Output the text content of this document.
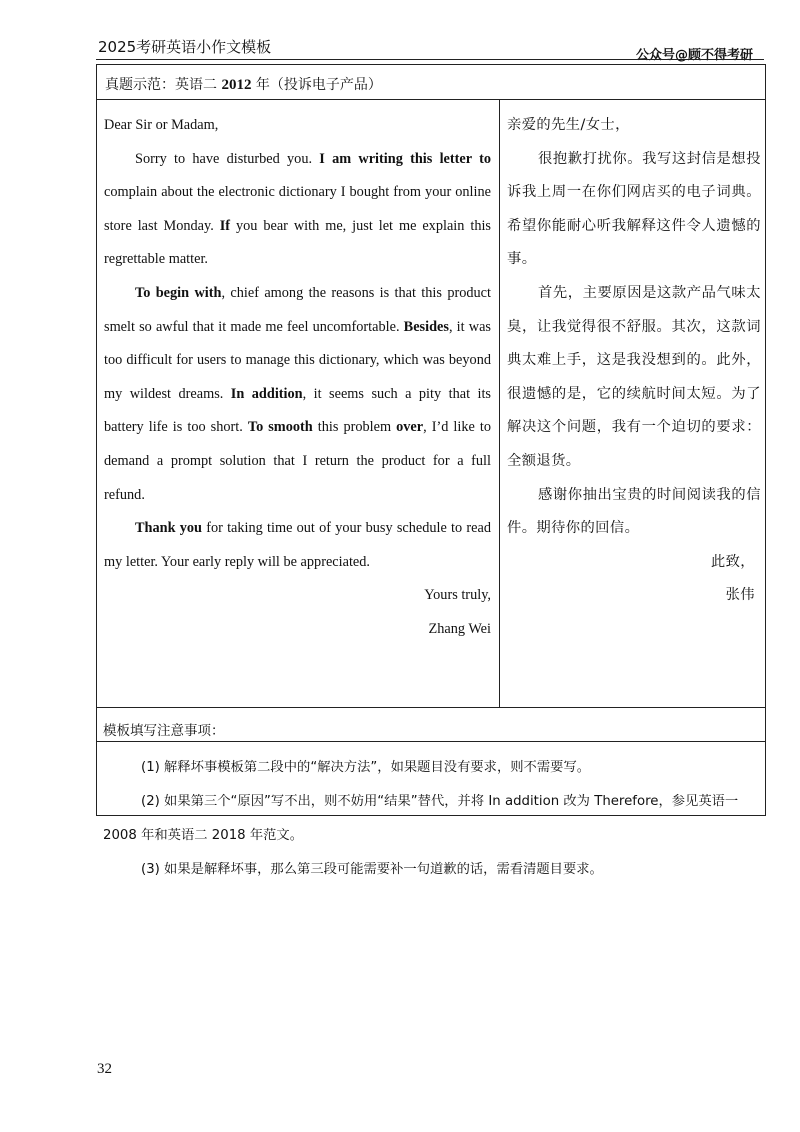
2025考研英语小作文模板	公众号@顾不得考研
真题示范：英语二 2012 年（投诉电子产品）

Dear Sir or Madam,

Sorry to have disturbed you. I am writing this letter to complain about the electronic dictionary I bought from your online store last Monday. If you bear with me, just let me explain this regrettable matter.

To begin with, chief among the reasons is that this product smelt so awful that it made me feel uncomfortable. Besides, it was too difficult for users to manage this dictionary, which was beyond my wildest dreams. In addition, it seems such a pity that its battery life is too short. To smooth this problem over, I’d like to demand a prompt solution that I return the product for a full refund.

Thank you for taking time out of your busy schedule to read my letter. Your early reply will be appreciated.

Yours truly,

Zhang Wei

亲爱的先生/女士，

很抱歉打扰你。我写这封信是想投诉我上周一在你们网店买的电子词典。希望你能耐心听我解释这件令人遗憾的事。

首先，主要原因是这款产品气味太臭，让我觉得很不舒服。其次，这款词典太难上手，这是我没想到的。此外，很遗憾的是，它的续航时间太短。为了解决这个问题，我有一个迫切的要求：全额退货。

感谢你抽出宝贵的时间阅读我的信件。期待你的回信。

此致，

张伟

模板填写注意事项：

(1) 解释坏事模板第二段中的“解决方法”，如果题目没有要求，则不需要写。

(2) 如果第三个“原因”写不出，则不妨用“结果”替代，并将 In addition 改为 Therefore，参见英语一 2008 年和英语二 2018 年范文。

(3) 如果是解释坏事，那么第三段可能需要补一句道歉的话，需看清题目要求。

32
